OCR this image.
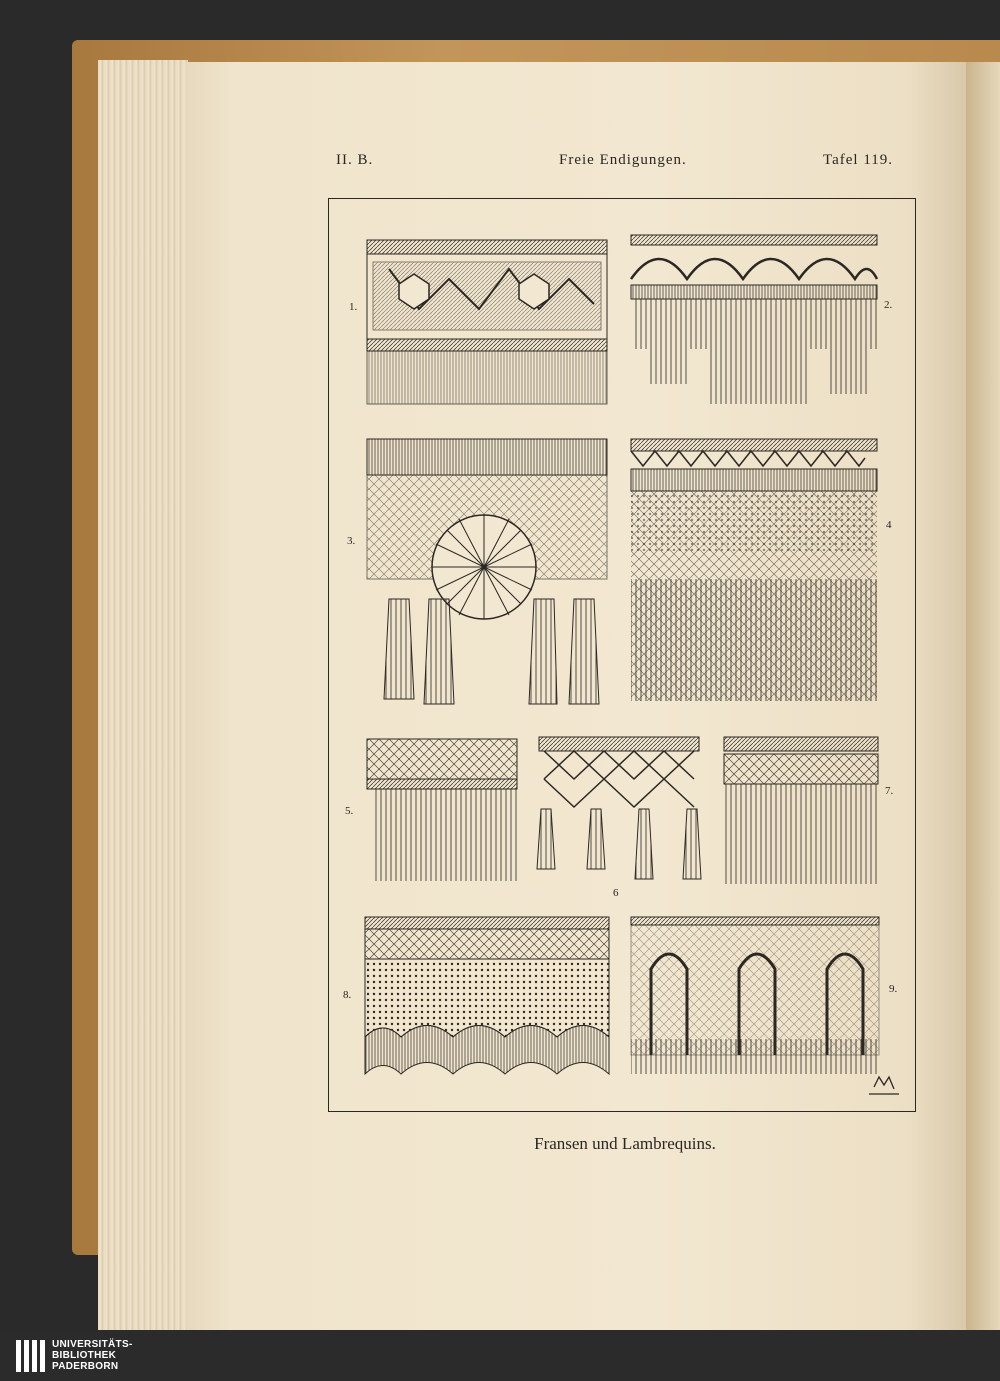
II. B.	Freie Endigungen.	Tafel 119.
1.	2.
3.
4
5.
6
7.
8.	9.
Fransen und Lambrequins.
UNIVERSITÄTS-
BIBLIOTHEK
PADERBORN
